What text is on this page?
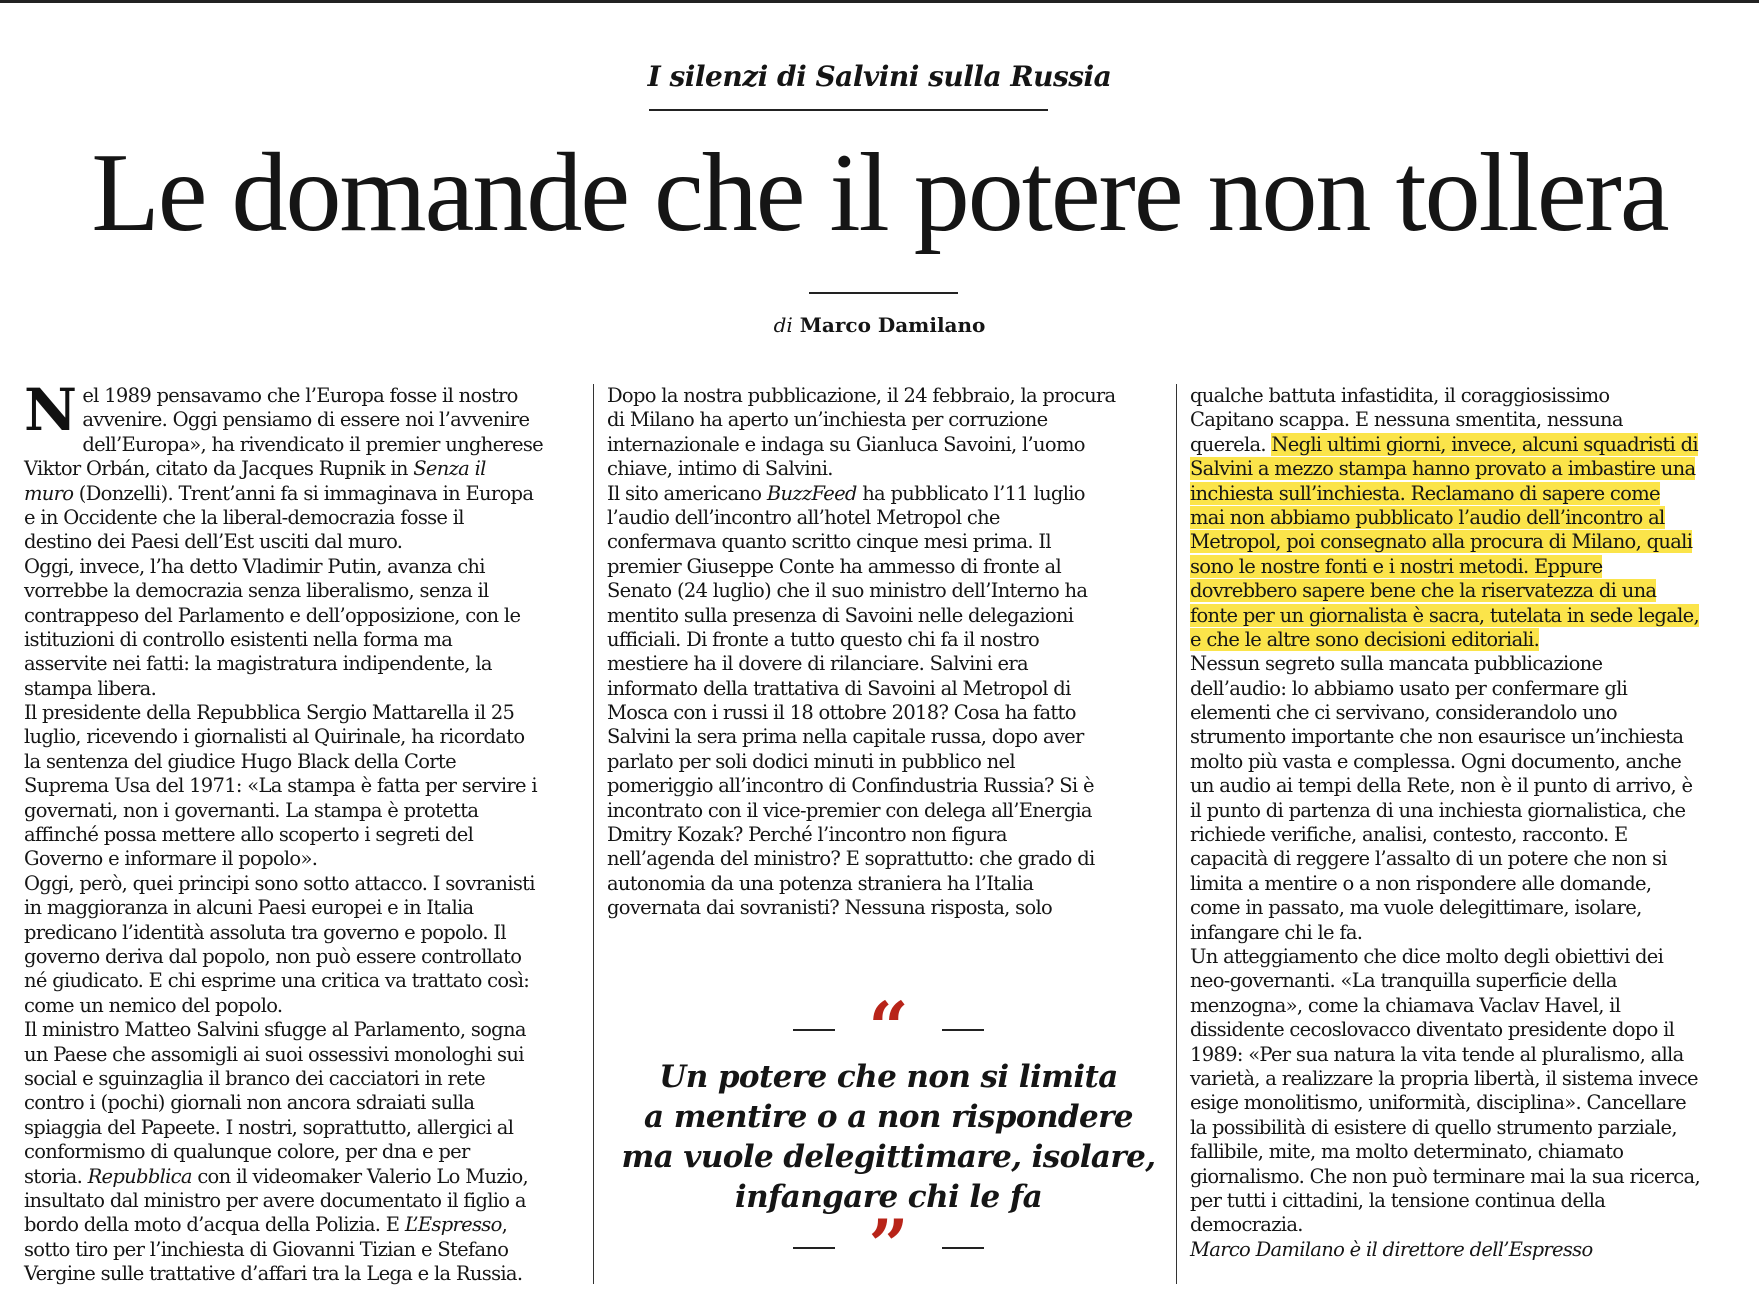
I silenzi di Salvini sulla Russia
Le domande che il potere non tollera
di Marco Damilano
N el 1989 pensavamo che l’Europa fosse il nostro
avvenire. Oggi pensiamo di essere noi l’avvenire
dell’Europa», ha rivendicato il premier ungherese
Viktor Orbán, citato da Jacques Rupnik in Senza il
muro (Donzelli). Trent’anni fa si immaginava in Europa
e in Occidente che la liberal-democrazia fosse il
destino dei Paesi dell’Est usciti dal muro.
Oggi, invece, l’ha detto Vladimir Putin, avanza chi
vorrebbe la democrazia senza liberalismo, senza il
contrappeso del Parlamento e dell’opposizione, con le
istituzioni di controllo esistenti nella forma ma
asservite nei fatti: la magistratura indipendente, la
stampa libera.
Il presidente della Repubblica Sergio Mattarella il 25
luglio, ricevendo i giornalisti al Quirinale, ha ricordato
la sentenza del giudice Hugo Black della Corte
Suprema Usa del 1971: «La stampa è fatta per servire i
governati, non i governanti. La stampa è protetta
affinché possa mettere allo scoperto i segreti del
Governo e informare il popolo».
Oggi, però, quei principi sono sotto attacco. I sovranisti
in maggioranza in alcuni Paesi europei e in Italia
predicano l’identità assoluta tra governo e popolo. Il
governo deriva dal popolo, non può essere controllato
né giudicato. E chi esprime una critica va trattato così:
come un nemico del popolo.
Il ministro Matteo Salvini sfugge al Parlamento, sogna
un Paese che assomigli ai suoi ossessivi monologhi sui
social e sguinzaglia il branco dei cacciatori in rete
contro i (pochi) giornali non ancora sdraiati sulla
spiaggia del Papeete. I nostri, soprattutto, allergici al
conformismo di qualunque colore, per dna e per
storia. Repubblica con il videomaker Valerio Lo Muzio,
insultato dal ministro per avere documentato il figlio a
bordo della moto d’acqua della Polizia. E L’Espresso,
sotto tiro per l’inchiesta di Giovanni Tizian e Stefano
Vergine sulle trattative d’affari tra la Lega e la Russia.
Dopo la nostra pubblicazione, il 24 febbraio, la procura
di Milano ha aperto un’inchiesta per corruzione
internazionale e indaga su Gianluca Savoini, l’uomo
chiave, intimo di Salvini.
Il sito americano BuzzFeed ha pubblicato l’11 luglio
l’audio dell’incontro all’hotel Metropol che
confermava quanto scritto cinque mesi prima. Il
premier Giuseppe Conte ha ammesso di fronte al
Senato (24 luglio) che il suo ministro dell’Interno ha
mentito sulla presenza di Savoini nelle delegazioni
ufficiali. Di fronte a tutto questo chi fa il nostro
mestiere ha il dovere di rilanciare. Salvini era
informato della trattativa di Savoini al Metropol di
Mosca con i russi il 18 ottobre 2018? Cosa ha fatto
Salvini la sera prima nella capitale russa, dopo aver
parlato per soli dodici minuti in pubblico nel
pomeriggio all’incontro di Confindustria Russia? Si è
incontrato con il vice-premier con delega all’Energia
Dmitry Kozak? Perché l’incontro non figura
nell’agenda del ministro? E soprattutto: che grado di
autonomia da una potenza straniera ha l’Italia
governata dai sovranisti? Nessuna risposta, solo
“
Un potere che non si limita
a mentire o a non rispondere
ma vuole delegittimare, isolare,
infangare chi le fa
”
qualche battuta infastidita, il coraggiosissimo
Capitano scappa. E nessuna smentita, nessuna
querela. Negli ultimi giorni, invece, alcuni squadristi di
Salvini a mezzo stampa hanno provato a imbastire una
inchiesta sull’inchiesta. Reclamano di sapere come
mai non abbiamo pubblicato l’audio dell’incontro al
Metropol, poi consegnato alla procura di Milano, quali
sono le nostre fonti e i nostri metodi. Eppure
dovrebbero sapere bene che la riservatezza di una
fonte per un giornalista è sacra, tutelata in sede legale,
e che le altre sono decisioni editoriali.
Nessun segreto sulla mancata pubblicazione
dell’audio: lo abbiamo usato per confermare gli
elementi che ci servivano, considerandolo uno
strumento importante che non esaurisce un’inchiesta
molto più vasta e complessa. Ogni documento, anche
un audio ai tempi della Rete, non è il punto di arrivo, è
il punto di partenza di una inchiesta giornalistica, che
richiede verifiche, analisi, contesto, racconto. E
capacità di reggere l’assalto di un potere che non si
limita a mentire o a non rispondere alle domande,
come in passato, ma vuole delegittimare, isolare,
infangare chi le fa.
Un atteggiamento che dice molto degli obiettivi dei
neo-governanti. «La tranquilla superficie della
menzogna», come la chiamava Vaclav Havel, il
dissidente cecoslovacco diventato presidente dopo il
1989: «Per sua natura la vita tende al pluralismo, alla
varietà, a realizzare la propria libertà, il sistema invece
esige monolitismo, uniformità, disciplina». Cancellare
la possibilità di esistere di quello strumento parziale,
fallibile, mite, ma molto determinato, chiamato
giornalismo. Che non può terminare mai la sua ricerca,
per tutti i cittadini, la tensione continua della
democrazia.
Marco Damilano è il direttore dell’Espresso
